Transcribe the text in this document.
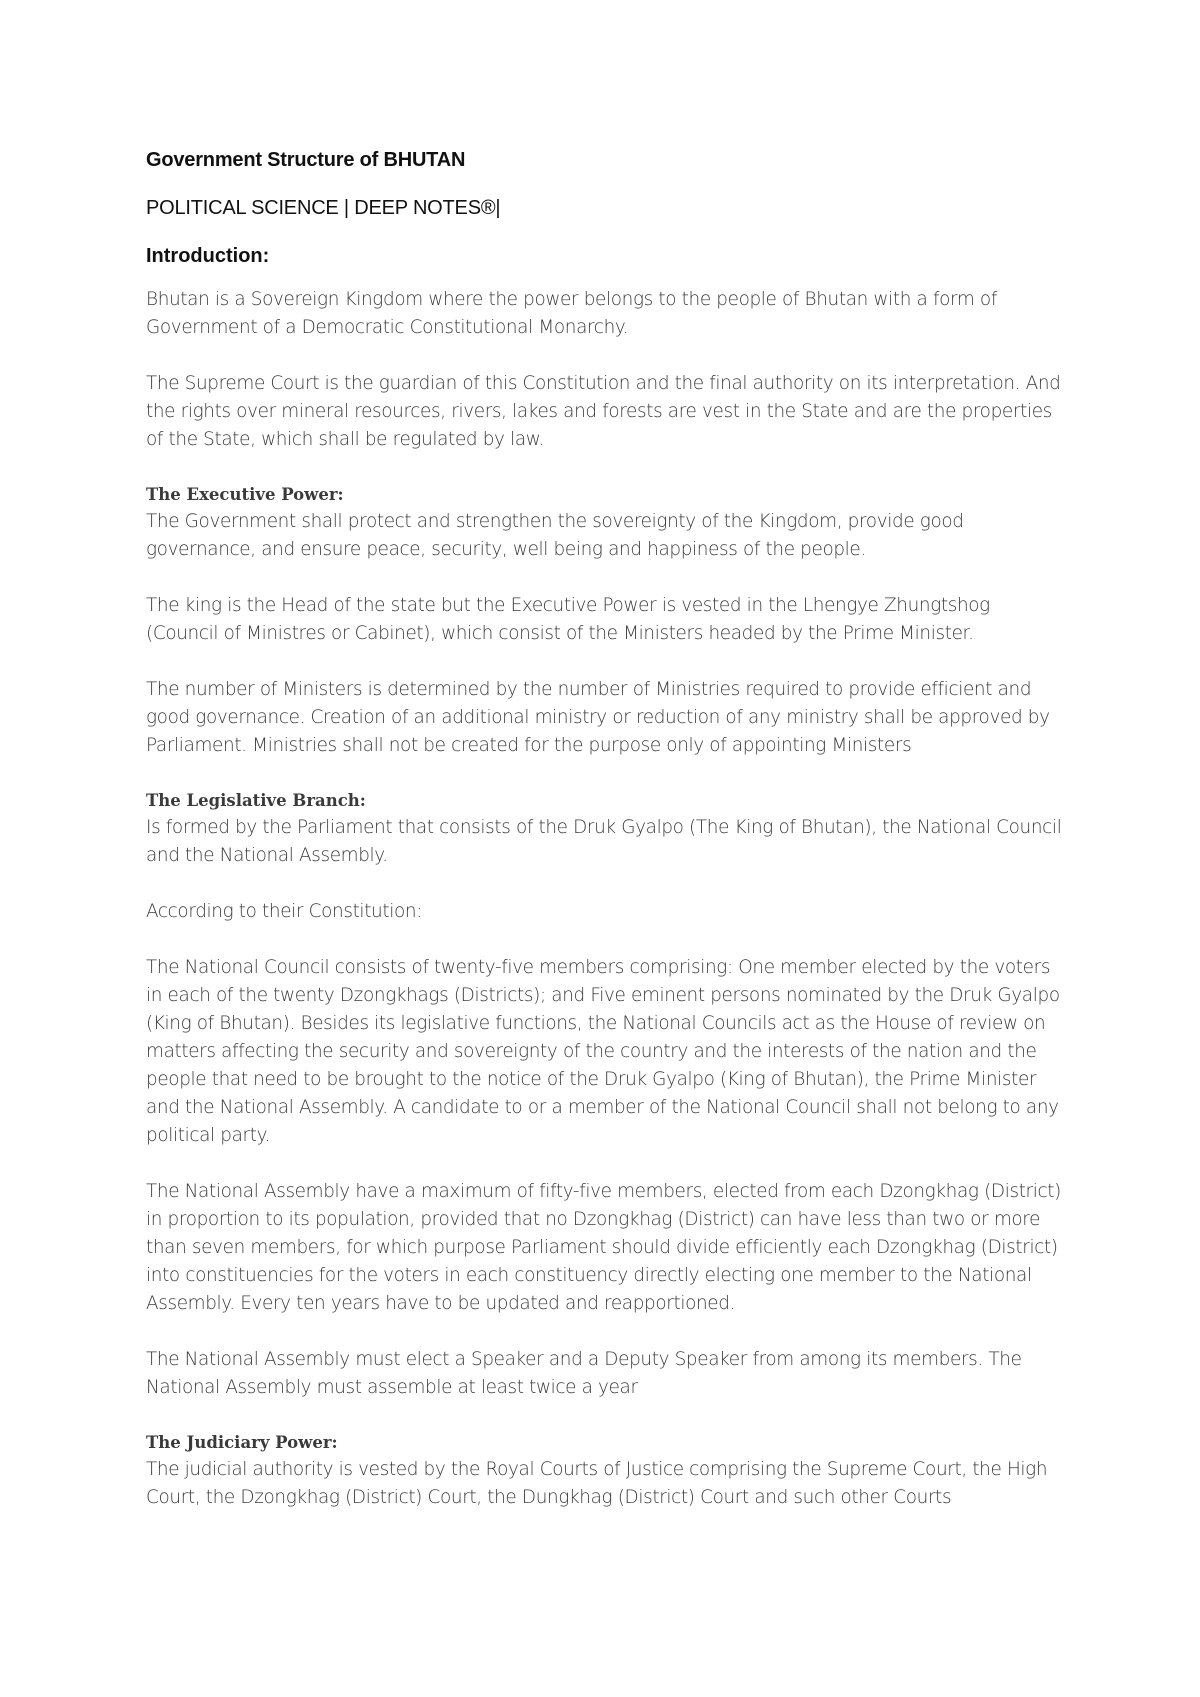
Government Structure of BHUTAN
POLITICAL SCIENCE | DEEP NOTES®|
Introduction:

Bhutan is a Sovereign Kingdom where the power belongs to the people of Bhutan with a form of Government of a Democratic Constitutional Monarchy.

The Supreme Court is the guardian of this Constitution and the final authority on its interpretation. And the rights over mineral resources, rivers, lakes and forests are vest in the State and are the properties of the State, which shall be regulated by law.

The Executive Power:

The Government shall protect and strengthen the sovereignty of the Kingdom, provide good governance, and ensure peace, security, well being and happiness of the people.

The king is the Head of the state but the Executive Power is vested in the Lhengye Zhungtshog (Council of Ministres or Cabinet), which consist of the Ministers headed by the Prime Minister.

The number of Ministers is determined by the number of Ministries required to provide efficient and good governance. Creation of an additional ministry or reduction of any ministry shall be approved by Parliament. Ministries shall not be created for the purpose only of appointing Ministers

The Legislative Branch:

Is formed by the Parliament that consists of the Druk Gyalpo (The King of Bhutan), the National Council and the National Assembly.

According to their Constitution:

The National Council consists of twenty-five members comprising: One member elected by the voters in each of the twenty Dzongkhags (Districts); and Five eminent persons nominated by the Druk Gyalpo (King of Bhutan). Besides its legislative functions, the National Councils act as the House of review on matters affecting the security and sovereignty of the country and the interests of the nation and the people that need to be brought to the notice of the Druk Gyalpo (King of Bhutan), the Prime Minister and the National Assembly. A candidate to or a member of the National Council shall not belong to any political party.

The National Assembly have a maximum of fifty-five members, elected from each Dzongkhag (District) in proportion to its population, provided that no Dzongkhag (District) can have less than two or more than seven members, for which purpose Parliament should divide efficiently each Dzongkhag (District) into constituencies for the voters in each constituency directly electing one member to the National Assembly. Every ten years have to be updated and reapportioned.

The National Assembly must elect a Speaker and a Deputy Speaker from among its members. The National Assembly must assemble at least twice a year

The Judiciary Power:

The judicial authority is vested by the Royal Courts of Justice comprising the Supreme Court, the High Court, the Dzongkhag (District) Court, the Dungkhag (District) Court and such other Courts
